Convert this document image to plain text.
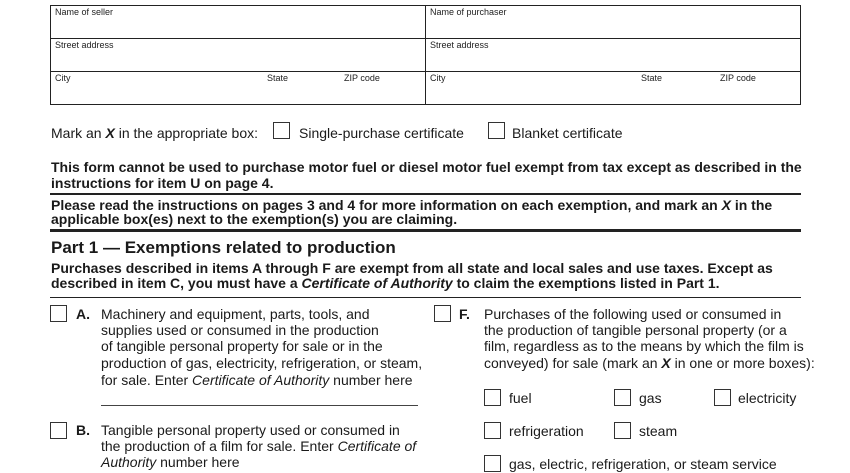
Name of seller	Name of purchaser
Street address	Street address
City	State	ZIP code	City	State	ZIP code
Mark an X in the appropriate box:	Single-purchase certificate	Blanket certificate
This form cannot be used to purchase motor fuel or diesel motor fuel exempt from tax except as described in the
instructions for item U on page 4.
Please read the instructions on pages 3 and 4 for more information on each exemption, and mark an X in the
applicable box(es) next to the exemption(s) you are claiming.
Part 1 — Exemptions related to production
Purchases described in items A through F are exempt from all state and local sales and use taxes. Except as
described in item C, you must have a Certificate of Authority to claim the exemptions listed in Part 1.
A. Machinery and equipment, parts, tools, and
supplies used or consumed in the production
of tangible personal property for sale or in the
production of gas, electricity, refrigeration, or steam,
for sale. Enter Certificate of Authority number here
B. Tangible personal property used or consumed in
the production of a film for sale. Enter Certificate of
Authority number here
F. Purchases of the following used or consumed in
the production of tangible personal property (or a
film, regardless as to the means by which the film is
conveyed) for sale (mark an X in one or more boxes):
fuel	gas	electricity
refrigeration	steam
gas, electric, refrigeration, or steam service
